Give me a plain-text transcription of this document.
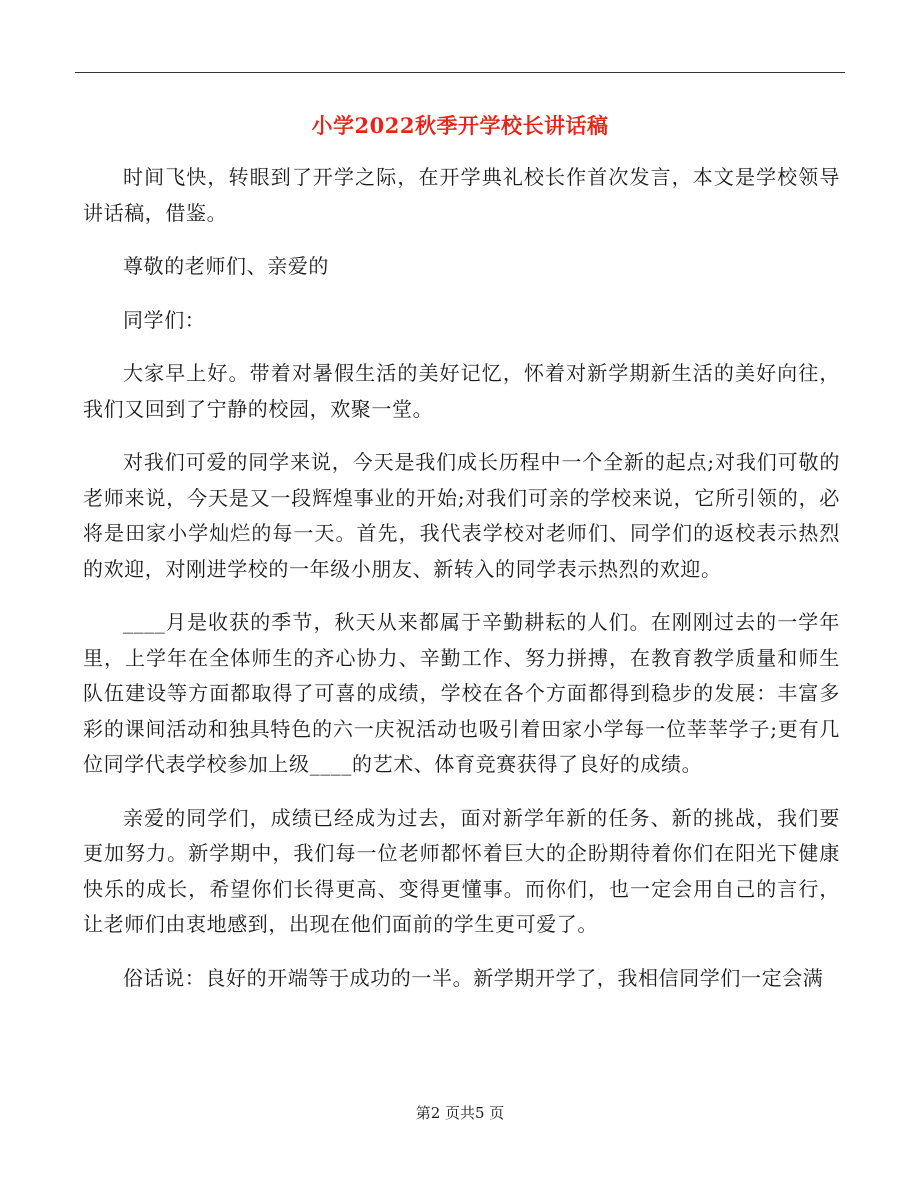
小学2022秋季开学校长讲话稿

时间飞快，转眼到了开学之际，在开学典礼校长作首次发言，本文是学校领导讲话稿，借鉴。

尊敬的老师们、亲爱的

同学们：

大家早上好。带着对暑假生活的美好记忆，怀着对新学期新生活的美好向往，我们又回到了宁静的校园，欢聚一堂。

对我们可爱的同学来说，今天是我们成长历程中一个全新的起点;对我们可敬的老师来说，今天是又一段辉煌事业的开始;对我们可亲的学校来说，它所引领的，必将是田家小学灿烂的每一天。首先，我代表学校对老师们、同学们的返校表示热烈的欢迎，对刚进学校的一年级小朋友、新转入的同学表示热烈的欢迎。

____月是收获的季节，秋天从来都属于辛勤耕耘的人们。在刚刚过去的一学年里，上学年在全体师生的齐心协力、辛勤工作、努力拼搏，在教育教学质量和师生队伍建设等方面都取得了可喜的成绩，学校在各个方面都得到稳步的发展：丰富多彩的课间活动和独具特色的六一庆祝活动也吸引着田家小学每一位莘莘学子;更有几位同学代表学校参加上级____的艺术、体育竞赛获得了良好的成绩。

亲爱的同学们，成绩已经成为过去，面对新学年新的任务、新的挑战，我们要更加努力。新学期中，我们每一位老师都怀着巨大的企盼期待着你们在阳光下健康快乐的成长，希望你们长得更高、变得更懂事。而你们，也一定会用自己的言行，让老师们由衷地感到，出现在他们面前的学生更可爱了。

俗话说：良好的开端等于成功的一半。新学期开学了，我相信同学们一定会满

第2 页共5 页
